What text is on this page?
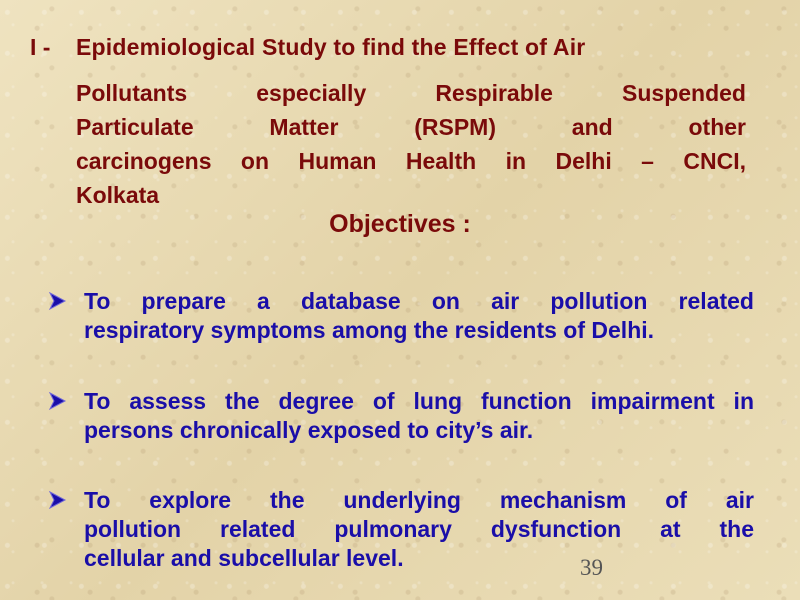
I - Epidemiological Study to find the Effect of Air
Pollutants especially Respirable Suspended
Particulate Matter (RSPM) and other
carcinogens on Human Health in Delhi – CNCI,
Kolkata
Objectives :
To prepare a database on air pollution related
respiratory symptoms among the residents of Delhi.
To assess the degree of lung function impairment in
persons chronically exposed to city’s air.
To explore the underlying mechanism of air
pollution related pulmonary dysfunction at the
cellular and subcellular level.	39
